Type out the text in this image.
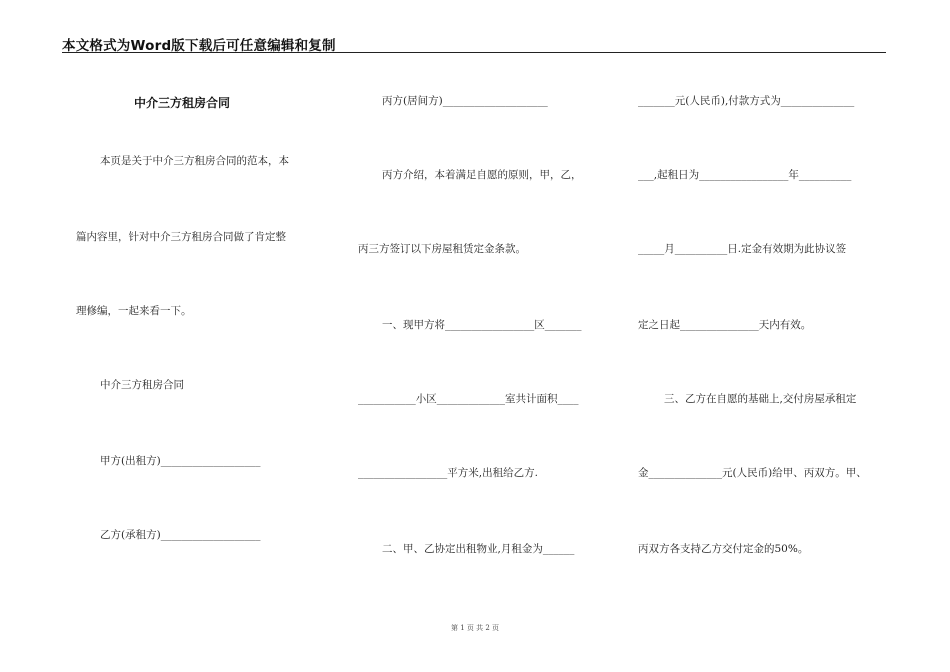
本文格式为Word版下载后可任意编辑和复制
中介三方租房合同
本页是关于中介三方租房合同的范本，本
篇内容里，针对中介三方租房合同做了肯定整
理修编，一起来看一下。
中介三方租房合同
甲方(出租方)___________________
乙方(承租方)___________________
丙方(居间方)____________________
丙方介绍，本着满足自愿的原则，甲，乙，
丙三方签订以下房屋租赁定金条款。
一、现甲方将_________________区_______
___________小区_____________室共计面积____
_________________平方米,出租给乙方.
二、甲、乙协定出租物业,月租金为______
_______元(人民币),付款方式为______________
___,起租日为_________________年__________
_____月__________日.定金有效期为此协议签
定之日起_______________天内有效。
三、乙方在自愿的基础上,交付房屋承租定
金______________元(人民币)给甲、丙双方。甲、
丙双方各支持乙方交付定金的50%。
第 1 页 共 2 页
